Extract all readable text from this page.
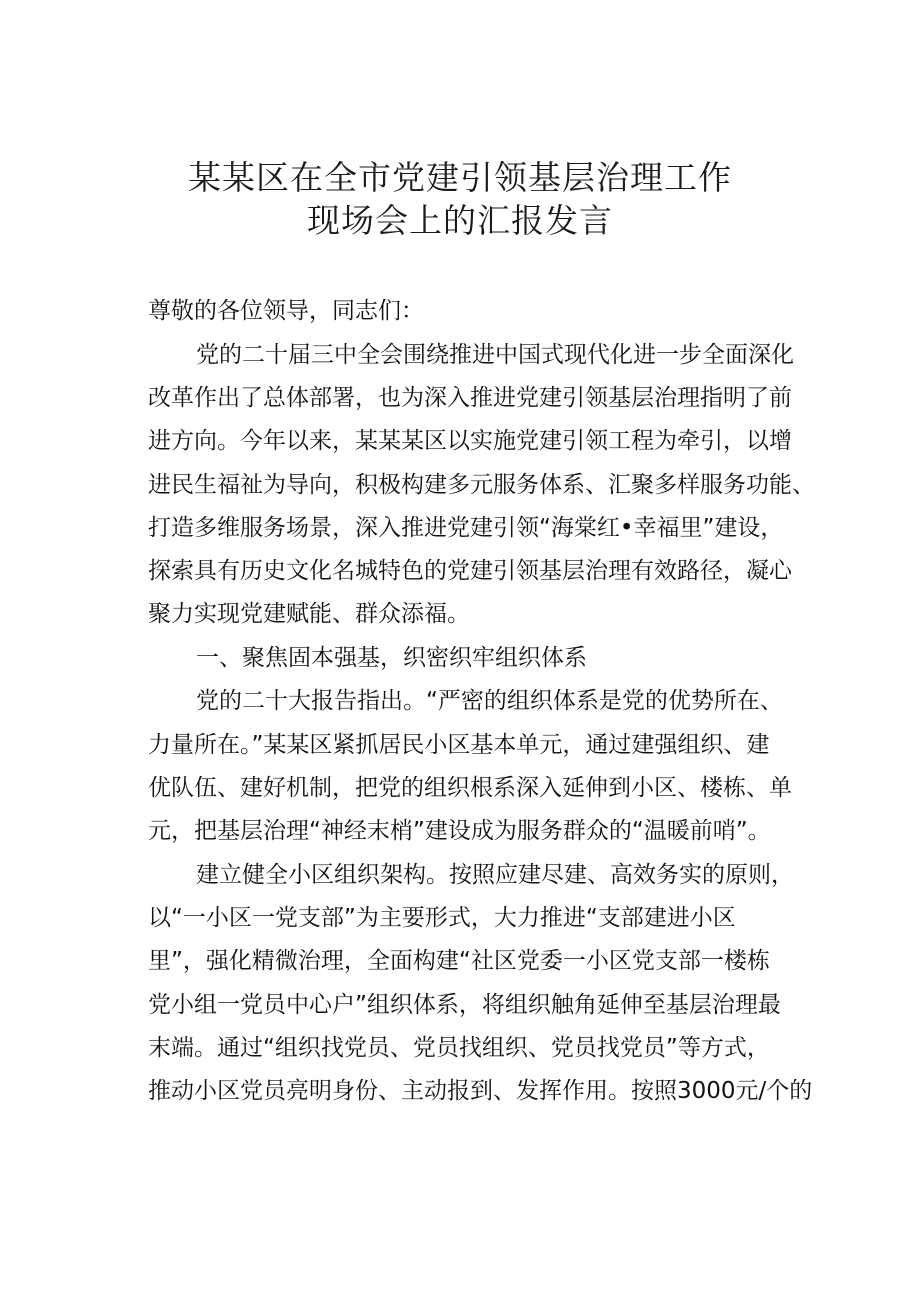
某某区在全市党建引领基层治理工作
现场会上的汇报发言
尊敬的各位领导，同志们：
党的二十届三中全会围绕推进中国式现代化进一步全面深化
改革作出了总体部署，也为深入推进党建引领基层治理指明了前
进方向。今年以来，某某某区以实施党建引领工程为牵引，以增
进民生福祉为导向，积极构建多元服务体系、汇聚多样服务功能、
打造多维服务场景，深入推进党建引领“海棠红•幸福里”建设，
探索具有历史文化名城特色的党建引领基层治理有效路径，凝心
聚力实现党建赋能、群众添福。
一、聚焦固本强基，织密织牢组织体系
党的二十大报告指出。“严密的组织体系是党的优势所在、
力量所在。”某某区紧抓居民小区基本单元，通过建强组织、建
优队伍、建好机制，把党的组织根系深入延伸到小区、楼栋、单
元，把基层治理“神经末梢”建设成为服务群众的“温暖前哨”。
建立健全小区组织架构。按照应建尽建、高效务实的原则，
以“一小区一党支部”为主要形式，大力推进“支部建进小区
里”，强化精微治理，全面构建“社区党委一小区党支部一楼栋
党小组一党员中心户”组织体系，将组织触角延伸至基层治理最
末端。通过“组织找党员、党员找组织、党员找党员”等方式，
推动小区党员亮明身份、主动报到、发挥作用。按照3000元/个的
